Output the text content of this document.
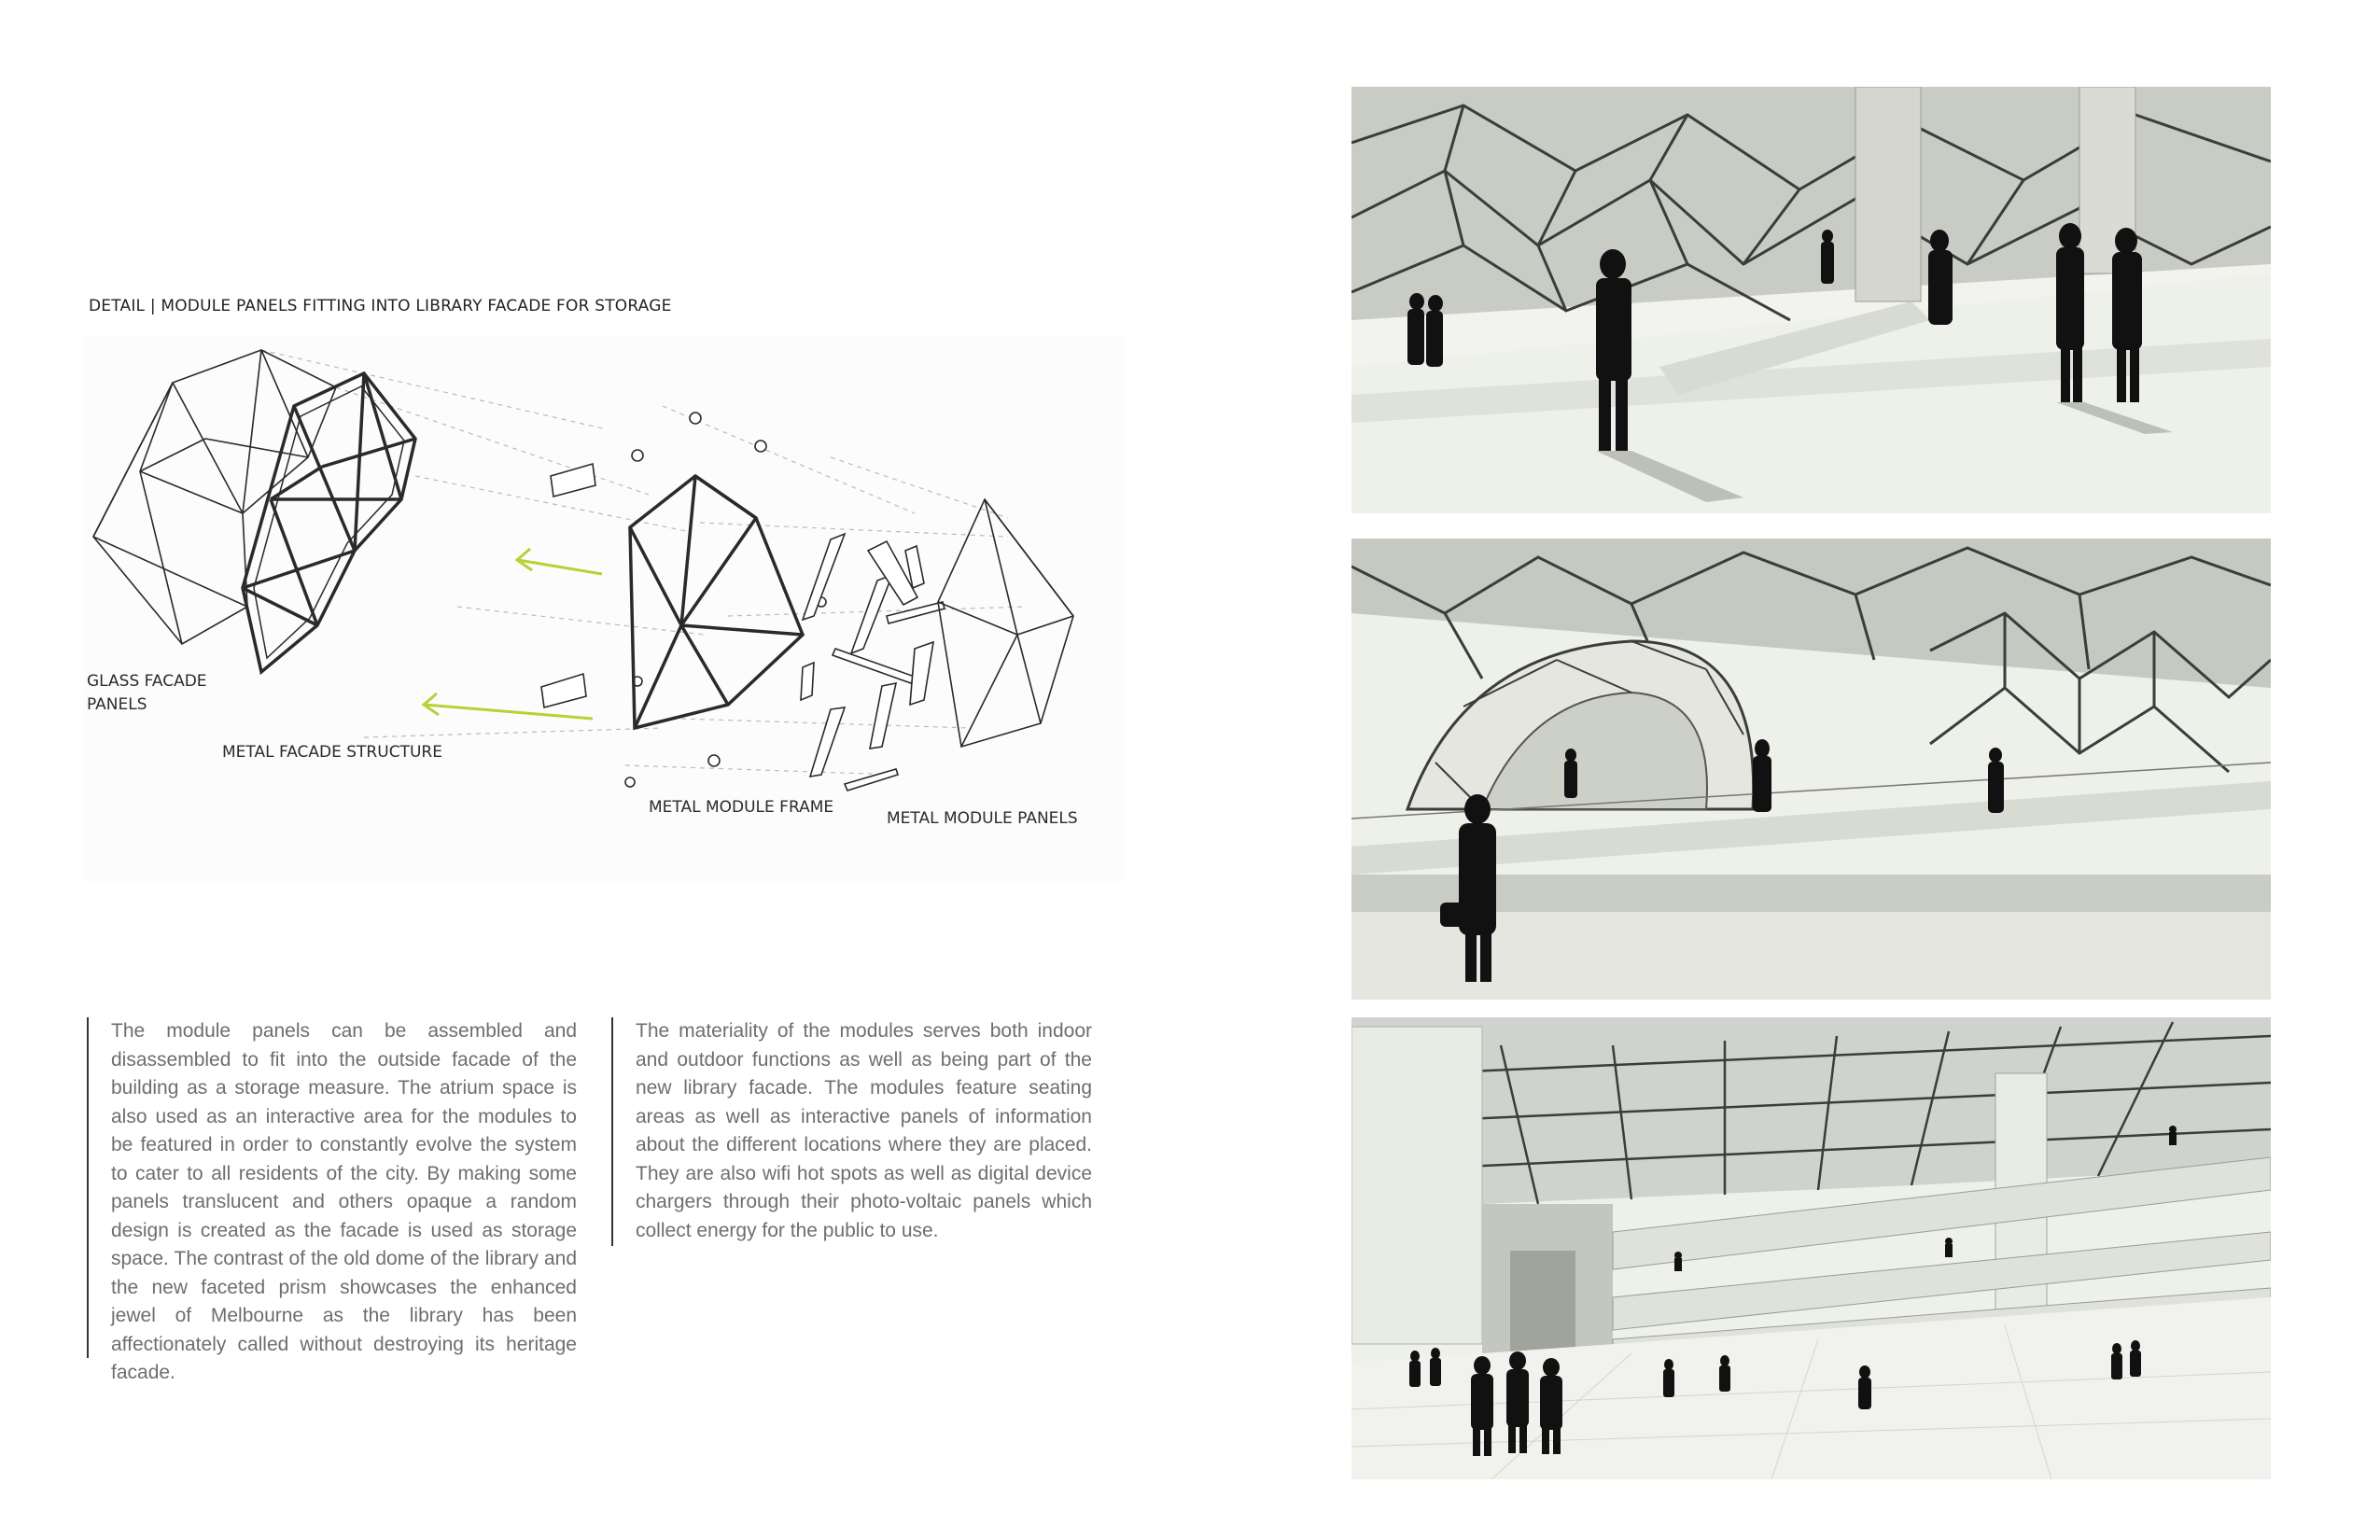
DETAIL | MODULE PANELS FITTING INTO LIBRARY FACADE FOR STORAGE
GLASS FACADE
PANELS
METAL FACADE STRUCTURE
METAL MODULE FRAME
METAL MODULE PANELS
The module panels can be assembled and disassembled to fit into the outside facade of the building as a storage measure. The atrium space is also used as an interactive area for the modules to be featured in order to constantly evolve the system to cater to all residents of the city. By making some panels translucent and others opaque a random design is created as the facade is used as storage space. The contrast of the old dome of the library and the new faceted prism showcases the enhanced jewel of Melbourne as the library has been affectionately called without destroying its heritage facade.
The materiality of the modules serves both indoor and outdoor functions as well as being part of the new library facade. The modules feature seating areas as well as interactive panels of information about the different locations where they are placed. They are also wifi hot spots as well as digital device chargers through their photo-voltaic panels which collect energy for the public to use.
